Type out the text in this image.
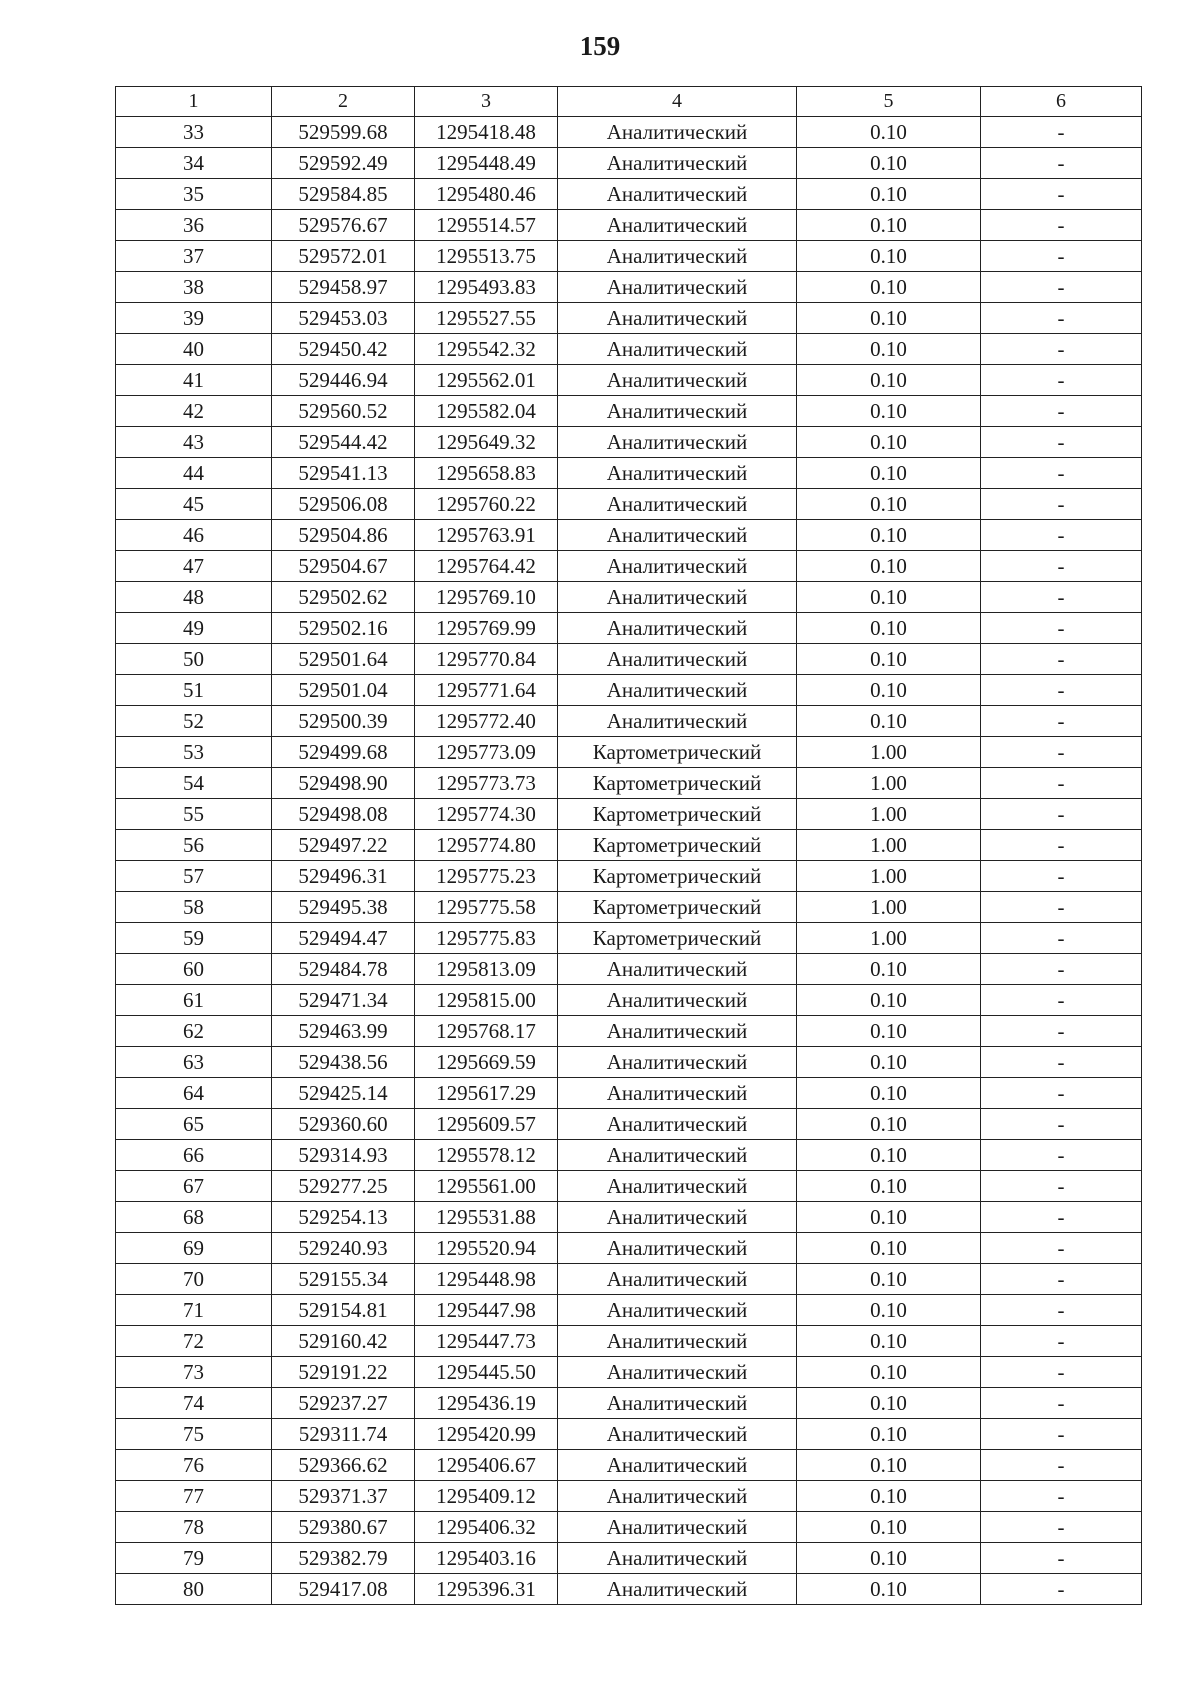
159
1	2	3	4	5	6
33	529599.68	1295418.48	Аналитический	0.10	-
34	529592.49	1295448.49	Аналитический	0.10	-
35	529584.85	1295480.46	Аналитический	0.10	-
36	529576.67	1295514.57	Аналитический	0.10	-
37	529572.01	1295513.75	Аналитический	0.10	-
38	529458.97	1295493.83	Аналитический	0.10	-
39	529453.03	1295527.55	Аналитический	0.10	-
40	529450.42	1295542.32	Аналитический	0.10	-
41	529446.94	1295562.01	Аналитический	0.10	-
42	529560.52	1295582.04	Аналитический	0.10	-
43	529544.42	1295649.32	Аналитический	0.10	-
44	529541.13	1295658.83	Аналитический	0.10	-
45	529506.08	1295760.22	Аналитический	0.10	-
46	529504.86	1295763.91	Аналитический	0.10	-
47	529504.67	1295764.42	Аналитический	0.10	-
48	529502.62	1295769.10	Аналитический	0.10	-
49	529502.16	1295769.99	Аналитический	0.10	-
50	529501.64	1295770.84	Аналитический	0.10	-
51	529501.04	1295771.64	Аналитический	0.10	-
52	529500.39	1295772.40	Аналитический	0.10	-
53	529499.68	1295773.09	Картометрический	1.00	-
54	529498.90	1295773.73	Картометрический	1.00	-
55	529498.08	1295774.30	Картометрический	1.00	-
56	529497.22	1295774.80	Картометрический	1.00	-
57	529496.31	1295775.23	Картометрический	1.00	-
58	529495.38	1295775.58	Картометрический	1.00	-
59	529494.47	1295775.83	Картометрический	1.00	-
60	529484.78	1295813.09	Аналитический	0.10	-
61	529471.34	1295815.00	Аналитический	0.10	-
62	529463.99	1295768.17	Аналитический	0.10	-
63	529438.56	1295669.59	Аналитический	0.10	-
64	529425.14	1295617.29	Аналитический	0.10	-
65	529360.60	1295609.57	Аналитический	0.10	-
66	529314.93	1295578.12	Аналитический	0.10	-
67	529277.25	1295561.00	Аналитический	0.10	-
68	529254.13	1295531.88	Аналитический	0.10	-
69	529240.93	1295520.94	Аналитический	0.10	-
70	529155.34	1295448.98	Аналитический	0.10	-
71	529154.81	1295447.98	Аналитический	0.10	-
72	529160.42	1295447.73	Аналитический	0.10	-
73	529191.22	1295445.50	Аналитический	0.10	-
74	529237.27	1295436.19	Аналитический	0.10	-
75	529311.74	1295420.99	Аналитический	0.10	-
76	529366.62	1295406.67	Аналитический	0.10	-
77	529371.37	1295409.12	Аналитический	0.10	-
78	529380.67	1295406.32	Аналитический	0.10	-
79	529382.79	1295403.16	Аналитический	0.10	-
80	529417.08	1295396.31	Аналитический	0.10	-
